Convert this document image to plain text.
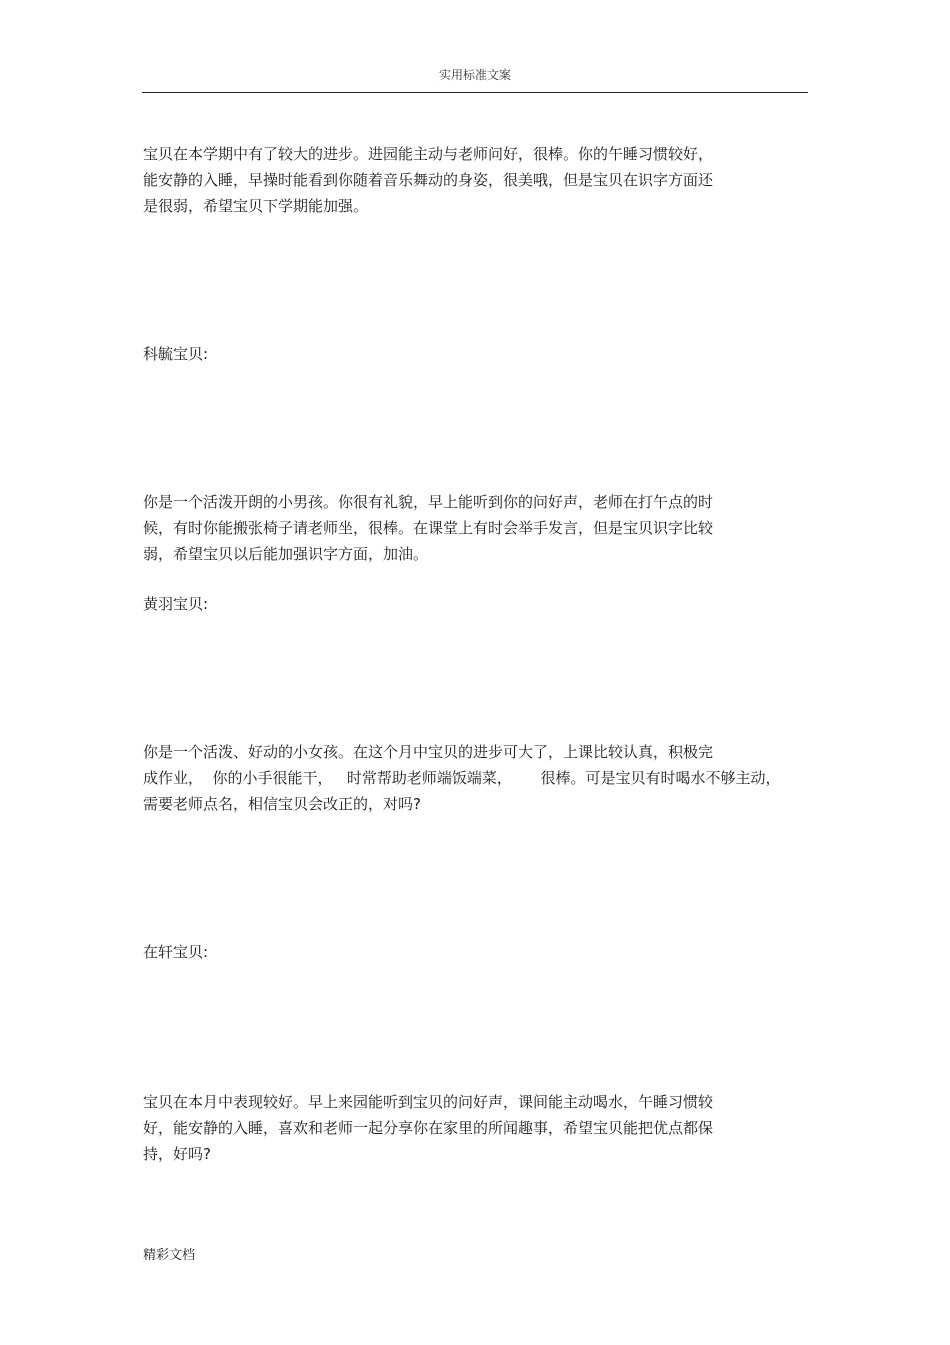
实用标准文案
宝贝在本学期中有了较大的进步。进园能主动与老师问好，很棒。你的午睡习惯较好，
能安静的入睡，早操时能看到你随着音乐舞动的身姿，很美哦，但是宝贝在识字方面还
是很弱，希望宝贝下学期能加强。
科毓宝贝:
你是一个活泼开朗的小男孩。你很有礼貌，早上能听到你的问好声，老师在打午点的时
候，有时你能搬张椅子请老师坐，很棒。在课堂上有时会举手发言，但是宝贝识字比较
弱，希望宝贝以后能加强识字方面，加油。
黄羽宝贝:
你是一个活泼、好动的小女孩。在这个月中宝贝的进步可大了，上课比较认真，积极完
成作业，  你的小手很能干，   时常帮助老师端饭端菜，      很棒。可是宝贝有时喝水不够主动，
需要老师点名，相信宝贝会改正的，对吗?
在轩宝贝:
宝贝在本月中表现较好。早上来园能听到宝贝的问好声，课间能主动喝水，午睡习惯较
好，能安静的入睡，喜欢和老师一起分享你在家里的所闻趣事，希望宝贝能把优点都保
持，好吗?
精彩文档
